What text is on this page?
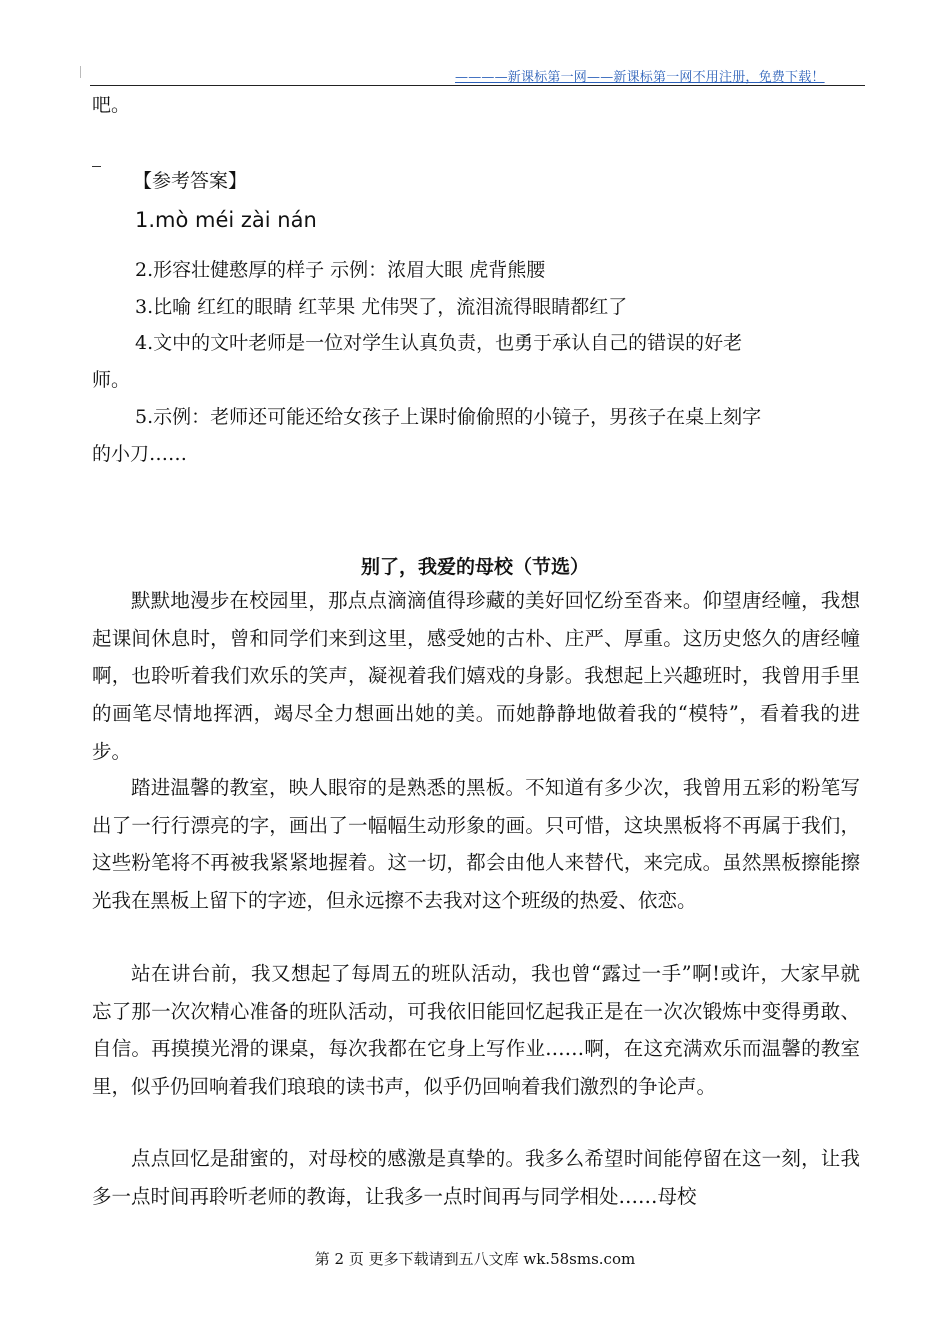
————新课标第一网——新课标第一网不用注册，免费下载！
吧。
【参考答案】
1.mò méi zài nán
2.形容壮健憨厚的样子 示例：浓眉大眼 虎背熊腰
3.比喻 红红的眼睛 红苹果 尤伟哭了，流泪流得眼睛都红了
4.文中的文叶老师是一位对学生认真负责，也勇于承认自己的错误的好老
师。
5.示例：老师还可能还给女孩子上课时偷偷照的小镜子，男孩子在桌上刻字
的小刀……
别了，我爱的母校（节选）

默默地漫步在校园里，那点点滴滴值得珍藏的美好回忆纷至沓来。仰望唐经幢，我想起课间休息时，曾和同学们来到这里，感受她的古朴、庄严、厚重。这历史悠久的唐经幢啊，也聆听着我们欢乐的笑声，凝视着我们嬉戏的身影。我想起上兴趣班时，我曾用手里的画笔尽情地挥洒，竭尽全力想画出她的美。而她静静地做着我的“模特”，看着我的进步。

踏进温馨的教室，映人眼帘的是熟悉的黑板。不知道有多少次，我曾用五彩的粉笔写出了一行行漂亮的字，画出了一幅幅生动形象的画。只可惜，这块黑板将不再属于我们，这些粉笔将不再被我紧紧地握着。这一切，都会由他人来替代，来完成。虽然黑板擦能擦光我在黑板上留下的字迹，但永远擦不去我对这个班级的热爱、依恋。

站在讲台前，我又想起了每周五的班队活动，我也曾“露过一手”啊!或许，大家早就忘了那一次次精心准备的班队活动，可我依旧能回忆起我正是在一次次锻炼中变得勇敢、自信。再摸摸光滑的课桌，每次我都在它身上写作业……啊，在这充满欢乐而温馨的教室里，似乎仍回响着我们琅琅的读书声，似乎仍回响着我们激烈的争论声。

点点回忆是甜蜜的，对母校的感激是真挚的。我多么希望时间能停留在这一刻，让我多一点时间再聆听老师的教诲，让我多一点时间再与同学相处……母校

第 2 页 更多下载请到五八文库 wk.58sms.com
